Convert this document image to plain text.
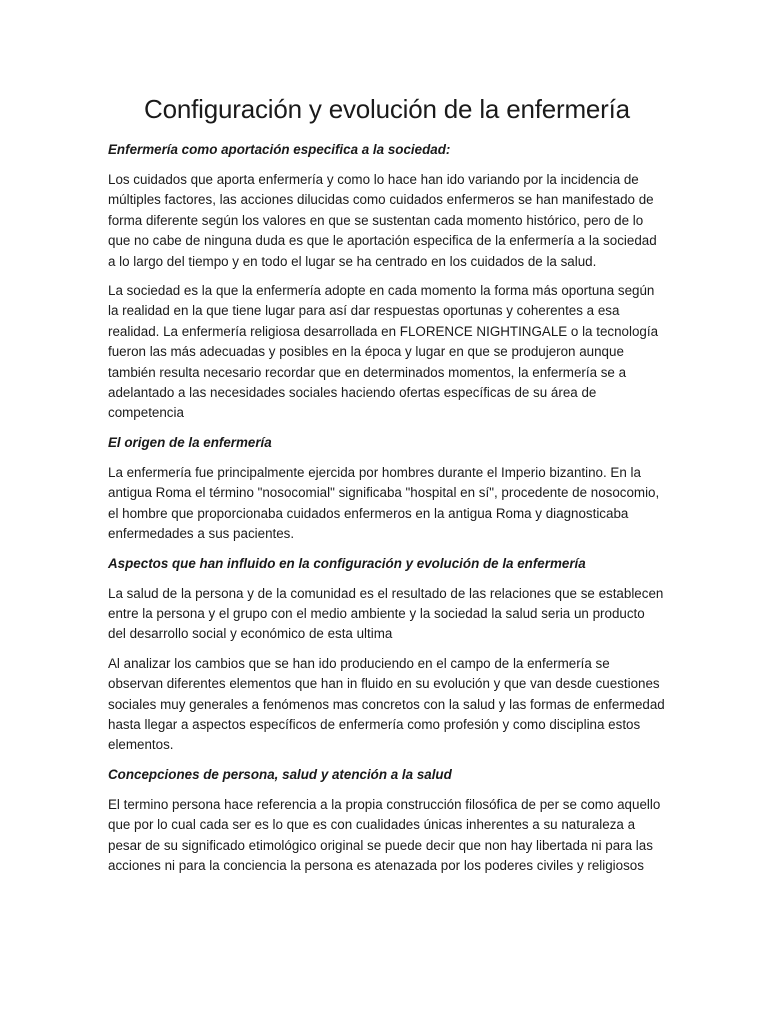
Configuración y evolución de la enfermería

Enfermería como aportación especifica a la sociedad:

Los cuidados que aporta enfermería y como lo hace han ido variando por la incidencia de múltiples factores, las acciones dilucidas como cuidados enfermeros se han manifestado de forma diferente según los valores en que se sustentan cada momento histórico, pero de lo que no cabe de ninguna duda es que le aportación especifica de la enfermería a la sociedad a lo largo del tiempo y en todo el lugar se ha centrado en los cuidados de la salud.

La sociedad es la que la enfermería adopte en cada momento la forma más oportuna según la realidad en la que tiene lugar para así dar respuestas oportunas y coherentes a esa realidad. La enfermería religiosa desarrollada en FLORENCE NIGHTINGALE o la tecnología fueron las más adecuadas y posibles en la época y lugar en que se produjeron aunque también resulta necesario recordar que en determinados momentos, la enfermería se a adelantado a las necesidades sociales haciendo ofertas específicas de su área de competencia

El origen de la enfermería

La enfermería fue principalmente ejercida por hombres durante el Imperio bizantino. En la antigua Roma el término "nosocomial" significaba "hospital en sí", procedente de nosocomio, el hombre que proporcionaba cuidados enfermeros en la antigua Roma y diagnosticaba enfermedades a sus pacientes.

Aspectos que han influido en la configuración y evolución de la enfermería

La salud de la persona y de la comunidad es el resultado de las relaciones que se establecen entre la persona y el grupo con el medio ambiente y la sociedad la salud seria un producto del desarrollo social y económico de esta ultima

Al analizar los cambios que se han ido produciendo en el campo de la enfermería se observan diferentes elementos que han in fluido en su evolución y que van desde cuestiones sociales muy generales a fenómenos mas concretos con la salud y las formas de enfermedad hasta llegar a aspectos específicos de enfermería como profesión y como disciplina estos elementos.

Concepciones de persona, salud y atención a la salud

El termino persona hace referencia a la propia construcción filosófica de per se como aquello que por lo cual cada ser es lo que es con cualidades únicas inherentes a su naturaleza a pesar de su significado etimológico original se puede decir que non hay libertada ni para las acciones ni para la conciencia la persona es atenazada por los poderes civiles y religiosos
